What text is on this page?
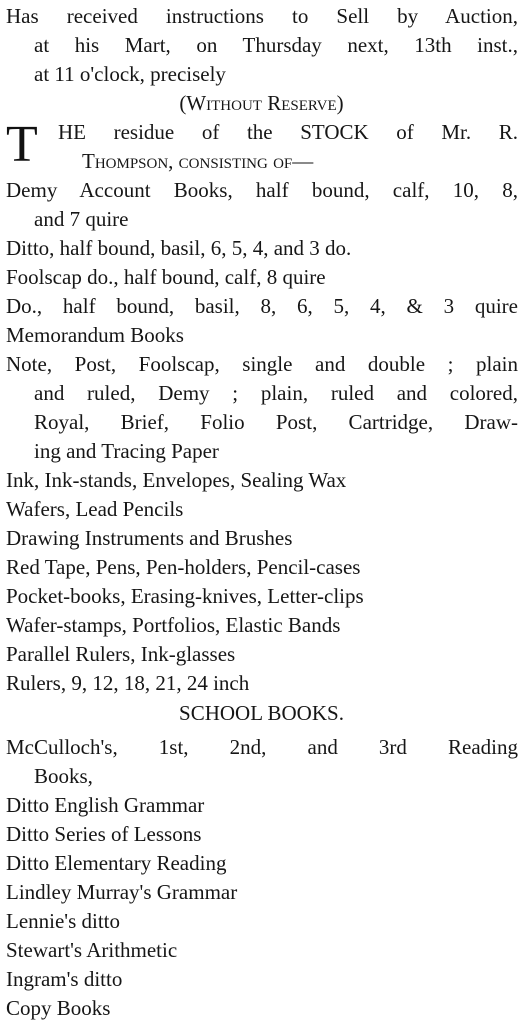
Has received instructions to Sell by Auction,
at his Mart, on Thursday next, 13th inst.,
at 11 o'clock, precisely
(Without Reserve)
T HE residue of the STOCK of Mr. R.
Thompson, consisting of—
Demy Account Books, half bound, calf, 10, 8,
and 7 quire
Ditto, half bound, basil, 6, 5, 4, and 3 do.
Foolscap do., half bound, calf, 8 quire
Do., half bound, basil, 8, 6, 5, 4, & 3 quire
Memorandum Books
Note, Post, Foolscap, single and double ; plain
and ruled, Demy ; plain, ruled and colored,
Royal, Brief, Folio Post, Cartridge, Draw-
ing and Tracing Paper
Ink, Ink-stands, Envelopes, Sealing Wax
Wafers, Lead Pencils
Drawing Instruments and Brushes
Red Tape, Pens, Pen-holders, Pencil-cases
Pocket-books, Erasing-knives, Letter-clips
Wafer-stamps, Portfolios, Elastic Bands
Parallel Rulers, Ink-glasses
Rulers, 9, 12, 18, 21, 24 inch
SCHOOL BOOKS.
McCulloch's, 1st, 2nd, and 3rd Reading
Books,
Ditto English Grammar
Ditto Series of Lessons
Ditto Elementary Reading
Lindley Murray's Grammar
Lennie's ditto
Stewart's Arithmetic
Ingram's ditto
Copy Books
